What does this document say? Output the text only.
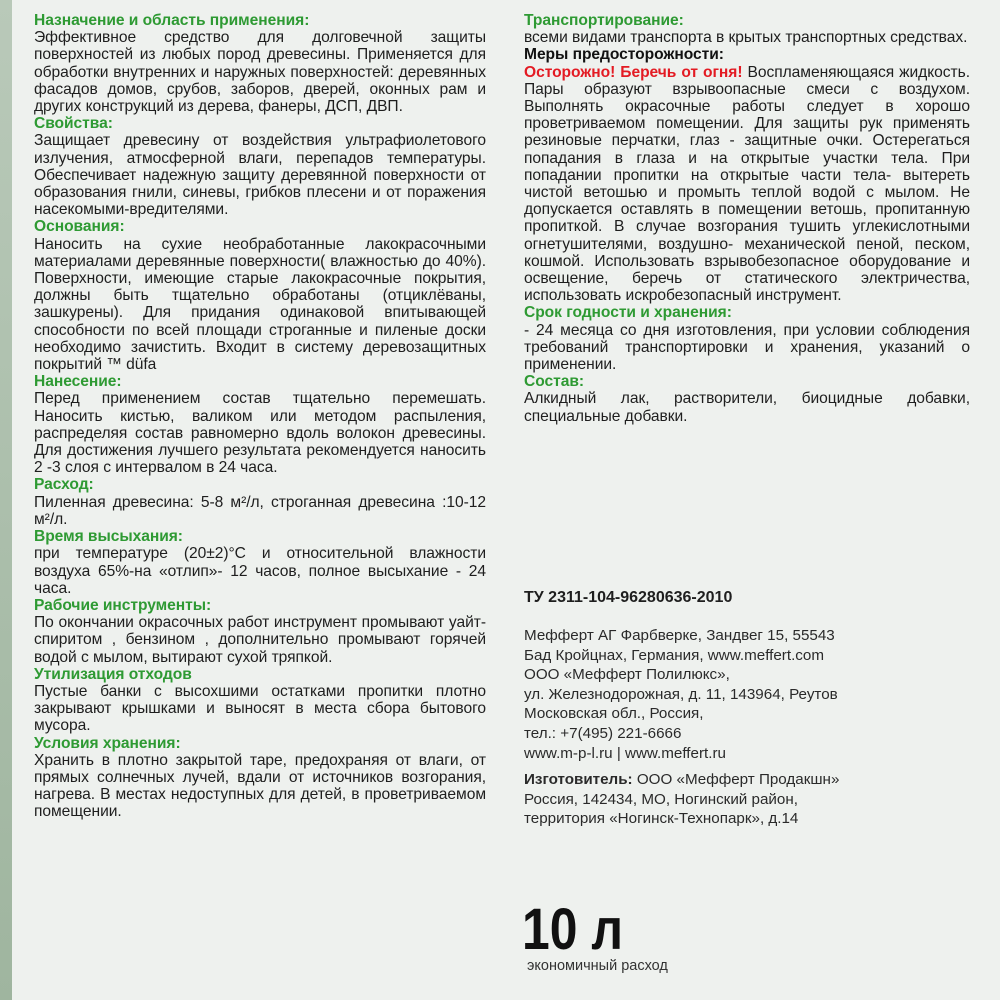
Назначение и область применения:
Эффективное средство для долговечной защиты поверхностей из любых пород древесины. Применяется для обработки внутренних и наружных поверхностей: деревянных фасадов домов, срубов, заборов, дверей, оконных рам и других конструкций из дерева, фанеры, ДСП, ДВП.
Свойства:
Защищает древесину от воздействия ультрафиолетового излучения, атмосферной влаги, перепадов температуры. Обеспечивает надежную защиту деревянной поверхности от образования гнили, синевы, грибков плесени и от поражения насекомыми-вредителями.
Основания:
Наносить на сухие необработанные лакокрасочными материалами деревянные поверхности( влажностью до 40%). Поверхности, имеющие старые лакокрасочные покрытия, должны быть тщательно обработаны (отциклёваны, зашкурены). Для придания одинаковой впитывающей способности по всей площади строганные и пиленые доски необходимо зачистить. Входит в систему деревозащитных покрытий ™ düfa
Нанесение:
Перед применением состав тщательно перемешать. Наносить кистью, валиком или методом распыления, распределяя состав равномерно вдоль волокон древесины. Для достижения лучшего результата рекомендуется наносить 2 -3 слоя с интервалом в 24 часа.
Расход:
Пиленная древесина: 5-8 м²/л, строганная древесина :10-12 м²/л.
Время высыхания:
при температуре (20±2)°С и относительной влажности воздуха 65%-на «отлип»- 12 часов, полное высыхание - 24 часа.
Рабочие инструменты:
По окончании окрасочных работ инструмент промывают уайт-спиритом , бензином , дополнительно промывают горячей водой с мылом, вытирают сухой тряпкой.
Утилизация отходов
Пустые банки с высохшими остатками пропитки плотно закрывают крышками и выносят в места сбора бытового мусора.
Условия хранения:
Хранить в плотно закрытой таре, предохраняя от влаги, от прямых солнечных лучей, вдали от источников возгорания, нагрева. В местах недоступных для детей, в проветриваемом помещении.
Транспортирование:
всеми видами транспорта в крытых транспортных средствах.
Меры предосторожности:
Осторожно! Беречь от огня! Воспламеняющаяся жидкость. Пары образуют взрывоопасные смеси с воздухом. Выполнять окрасочные работы следует в хорошо проветриваемом помещении. Для защиты рук применять резиновые перчатки, глаз - защитные очки. Остерегаться попадания в глаза и на открытые участки тела. При попадании пропитки на открытые части тела- вытереть чистой ветошью и промыть теплой водой с мылом. Не допускается оставлять в помещении ветошь, пропитанную пропиткой. В случае возгорания тушить углекислотными огнетушителями, воздушно- механической пеной, песком, кошмой. Использовать взрывобезопасное оборудование и освещение, беречь от статического электричества, использовать искробезопасный инструмент.
Срок годности и хранения:
- 24 месяца со дня изготовления, при условии соблюдения требований транспортировки и хранения, указаний о применении.
Состав:
Алкидный лак, растворители, биоцидные добавки, специальные добавки.
ТУ 2311-104-96280636-2010
Мефферт АГ Фарбверке, Зандвег 15, 55543
Бад Кройцнах, Германия, www.meffert.com
ООО «Мефферт Полилюкс»,
ул. Железнодорожная, д. 11, 143964, Реутов
Московская обл., Россия,
тел.: +7(495) 221-6666
www.m-p-l.ru | www.meffert.ru
Изготовитель: ООО «Мефферт Продакшн»
Россия, 142434, МО, Ногинский район,
территория «Ногинск-Технопарк», д.14
10 л
экономичный расход
